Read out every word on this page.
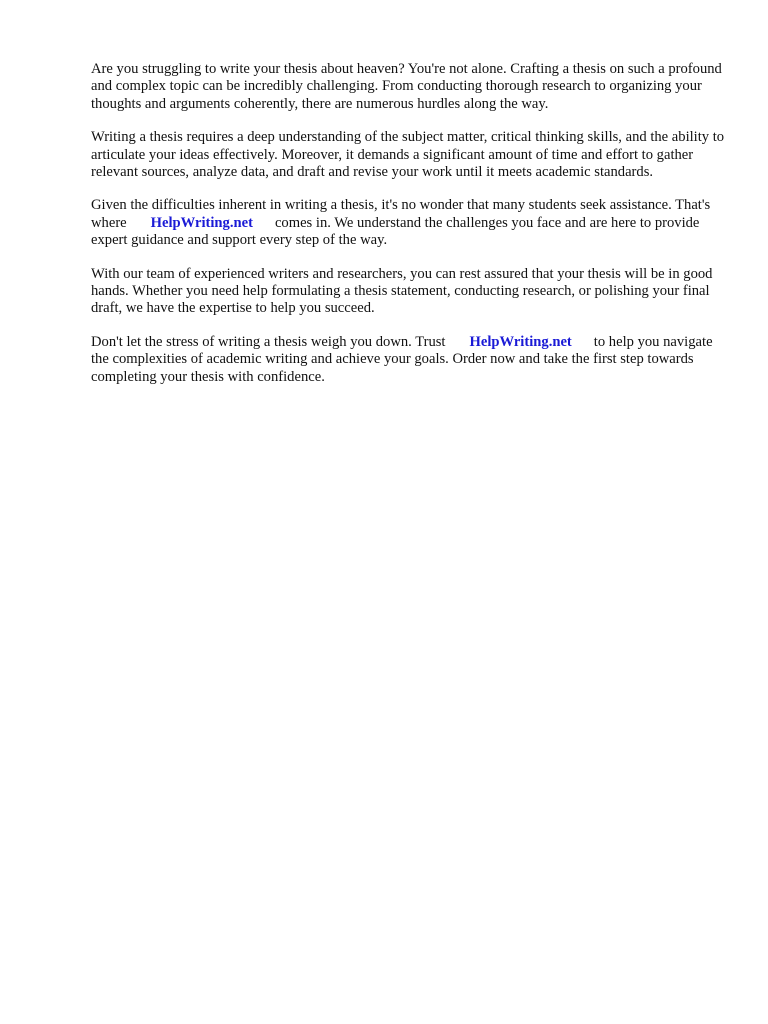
Are you struggling to write your thesis about heaven? You're not alone. Crafting a thesis on such a profound and complex topic can be incredibly challenging. From conducting thorough research to organizing your thoughts and arguments coherently, there are numerous hurdles along the way.

Writing a thesis requires a deep understanding of the subject matter, critical thinking skills, and the ability to articulate your ideas effectively. Moreover, it demands a significant amount of time and effort to gather relevant sources, analyze data, and draft and revise your work until it meets academic standards.

Given the difficulties inherent in writing a thesis, it's no wonder that many students seek assistance. That's where HelpWriting.net comes in. We understand the challenges you face and are here to provide expert guidance and support every step of the way.

With our team of experienced writers and researchers, you can rest assured that your thesis will be in good hands. Whether you need help formulating a thesis statement, conducting research, or polishing your final draft, we have the expertise to help you succeed.

Don't let the stress of writing a thesis weigh you down. Trust HelpWriting.net to help you navigate the complexities of academic writing and achieve your goals. Order now and take the first step towards completing your thesis with confidence.
